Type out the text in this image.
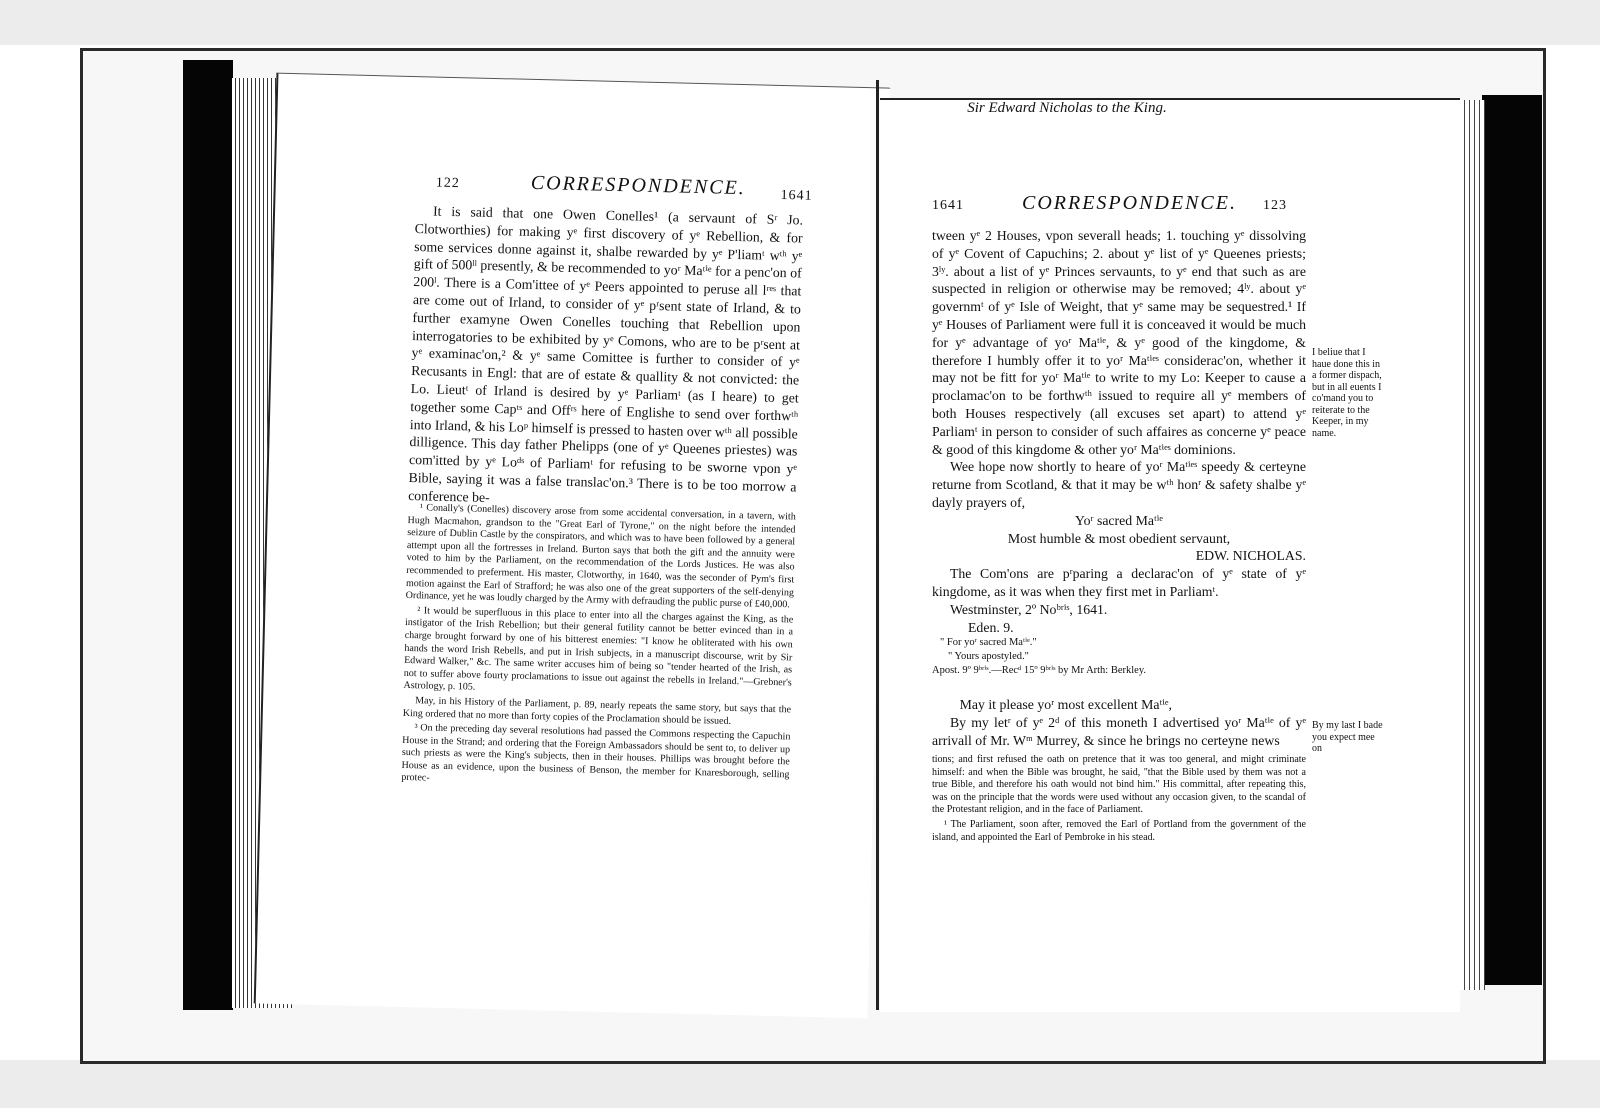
122	CORRESPONDENCE. 1641

It is said that one Owen Conelles¹ (a servaunt of Sʳ Jo. Clotworthies) for making yᵉ first discovery of yᵉ Rebellion, & for some services donne against it, shalbe rewarded by yᵉ P'liamᵗ wᵗʰ yᵉ gift of 500ˡˡ presently, & be recommended to yoʳ Maᵗⁱᵉ for a penc'on of 200ˡ. There is a Com'ittee of yᵉ Peers appointed to peruse all lʳᵉˢ that are come out of Irland, to consider of yᵉ pʳsent state of Irland, & to further examyne Owen Conelles touching that Rebellion upon interrogatories to be exhibited by yᵉ Comons, who are to be pʳsent at yᵉ examinac'on,² & yᵉ same Comittee is further to consider of yᵉ Recusants in Engl: that are of estate & quallity & not convicted: the Lo. Lieutᵗ of Irland is desired by yᵉ Parliamᵗ (as I heare) to get together some Capᵗˢ and Offʳˢ here of Englishe to send over forthwᵗʰ into Irland, & his Loᵖ himself is pressed to hasten over wᵗʰ all possible dilligence. This day father Phelipps (one of yᵉ Queenes priestes) was com'itted by yᵉ Loᵈˢ of Parliamᵗ for refusing to be sworne vpon yᵉ Bible, saying it was a false translac'on.³ There is to be too morrow a conference be-

¹ Conally's (Conelles) discovery arose from some accidental conversation, in a tavern, with Hugh Macmahon, grandson to the "Great Earl of Tyrone," on the night before the intended seizure of Dublin Castle by the conspirators, and which was to have been followed by a general attempt upon all the fortresses in Ireland. Burton says that both the gift and the annuity were voted to him by the Parliament, on the recommendation of the Lords Justices. He was also recommended to preferment. His master, Clotworthy, in 1640, was the seconder of Pym's first motion against the Earl of Strafford; he was also one of the great supporters of the self-denying Ordinance, yet he was loudly charged by the Army with defrauding the public purse of £40,000.

² It would be superfluous in this place to enter into all the charges against the King, as the instigator of the Irish Rebellion; but their general futility cannot be better evinced than in a charge brought forward by one of his bitterest enemies: "I know he obliterated with his own hands the word Irish Rebells, and put in Irish subjects, in a manuscript discourse, writ by Sir Edward Walker," &c. The same writer accuses him of being so "tender hearted of the Irish, as not to suffer above fourty proclamations to issue out against the rebells in Ireland."—Grebner's Astrology, p. 105.

May, in his History of the Parliament, p. 89, nearly repeats the same story, but says that the King ordered that no more than forty copies of the Proclamation should be issued.

³ On the preceding day several resolutions had passed the Commons respecting the Capuchin House in the Strand; and ordering that the Foreign Ambassadors should be sent to, to deliver up such priests as were the King's subjects, then in their houses. Phillips was brought before the House as an evidence, upon the business of Benson, the member for Knaresborough, selling protec-

1641	CORRESPONDENCE. 123

tween yᵉ 2 Houses, vpon severall heads; 1. touching yᵉ dissolving of yᵉ Covent of Capuchins; 2. about yᵉ list of yᵉ Queenes priests; 3ˡʸ. about a list of yᵉ Princes servaunts, to yᵉ end that such as are suspected in religion or otherwise may be removed; 4ˡʸ. about yᵉ governmᵗ of yᵉ Isle of Weight, that yᵉ same may be sequestred.¹ If yᵉ Houses of Parliament were full it is conceaved it would be much for yᵉ advantage of yoʳ Maᵗⁱᵉ, & yᵉ good of the kingdome, & therefore I humbly offer it to yoʳ Maᵗⁱᵉˢ considerac'on, whether it may not be fitt for yoʳ Maᵗⁱᵉ to write to my Lo: Keeper to cause a proclamac'on to be forthwᵗʰ issued to require all yᵉ members of both Houses respectively (all excuses set apart) to attend yᵉ Parliamᵗ in person to consider of such affaires as concerne yᵉ peace & good of this kingdome & other yoʳ Maᵗⁱᵉˢ dominions.

Wee hope now shortly to heare of yoʳ Maᵗⁱᵉˢ speedy & certeyne returne from Scotland, & that it may be wᵗʰ honʳ & safety shalbe yᵉ dayly prayers of,

Yoʳ sacred Maᵗⁱᵉ
Most humble & most obedient servaunt,
EDW. NICHOLAS.

The Com'ons are pʳparing a declarac'on of yᵉ state of yᵉ kingdome, as it was when they first met in Parliamᵗ.

Westminster, 2º Noᵇʳⁱˢ, 1641.
Eden. 9.
" For yoʳ sacred Maᵗⁱᵉ."
" Yours apostyled."
Apost. 9º 9ᵇʳⁱˢ.—Recᵈ 15º 9ᵇʳⁱˢ by Mr Arth: Berkley.
I beliue that I haue done this in a former dispach, but in all euents I co'mand you to reiterate to the Keeper, in my name.
Sir Edward Nicholas to the King.

May it please yoʳ most excellent Maᵗⁱᵉ,

By my letʳ of yᵉ 2ᵈ of this moneth I advertised yoʳ Maᵗⁱᵉ of yᵉ arrivall of Mr. Wᵐ Murrey, & since he brings no certeyne news

By my last I bade you expect mee on

tions; and first refused the oath on pretence that it was too general, and might criminate himself: and when the Bible was brought, he said, "that the Bible used by them was not a true Bible, and therefore his oath would not bind him." His committal, after repeating this, was on the principle that the words were used without any occasion given, to the scandal of the Protestant religion, and in the face of Parliament.

¹ The Parliament, soon after, removed the Earl of Portland from the government of the island, and appointed the Earl of Pembroke in his stead.
